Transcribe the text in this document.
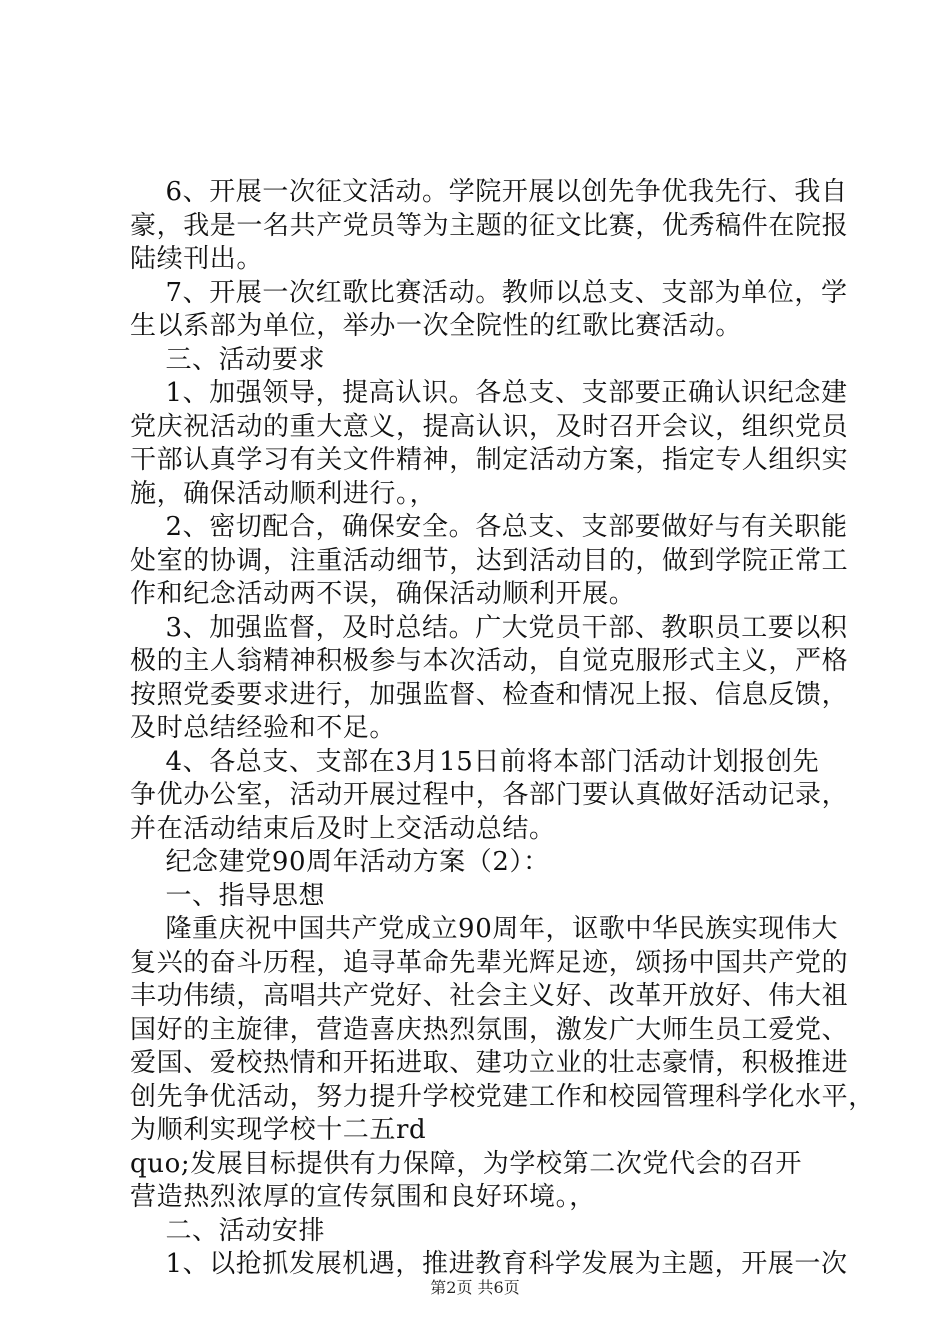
6、开展一次征文活动。学院开展以创先争优我先行、我自
豪，我是一名共产党员等为主题的征文比赛，优秀稿件在院报
陆续刊出。
7、开展一次红歌比赛活动。教师以总支、支部为单位，学
生以系部为单位，举办一次全院性的红歌比赛活动。
三、活动要求
1、加强领导，提高认识。各总支、支部要正确认识纪念建
党庆祝活动的重大意义，提高认识，及时召开会议，组织党员
干部认真学习有关文件精神，制定活动方案，指定专人组织实
施，确保活动顺利进行。，
2、密切配合，确保安全。各总支、支部要做好与有关职能
处室的协调，注重活动细节，达到活动目的，做到学院正常工
作和纪念活动两不误，确保活动顺利开展。
3、加强监督，及时总结。广大党员干部、教职员工要以积
极的主人翁精神积极参与本次活动，自觉克服形式主义，严格
按照党委要求进行，加强监督、检查和情况上报、信息反馈，
及时总结经验和不足。
4、各总支、支部在3月15日前将本部门活动计划报创先
争优办公室，活动开展过程中，各部门要认真做好活动记录，
并在活动结束后及时上交活动总结。
纪念建党90周年活动方案（2）：
一、指导思想
隆重庆祝中国共产党成立90周年，讴歌中华民族实现伟大
复兴的奋斗历程，追寻革命先辈光辉足迹，颂扬中国共产党的
丰功伟绩，高唱共产党好、社会主义好、改革开放好、伟大祖
国好的主旋律，营造喜庆热烈氛围，激发广大师生员工爱党、
爱国、爱校热情和开拓进取、建功立业的壮志豪情，积极推进
创先争优活动，努力提升学校党建工作和校园管理科学化水平，
为顺利实现学校十二五rd
quo;发展目标提供有力保障，为学校第二次党代会的召开
营造热烈浓厚的宣传氛围和良好环境。，
二、活动安排
1、以抢抓发展机遇，推进教育科学发展为主题，开展一次
第2页 共6页
